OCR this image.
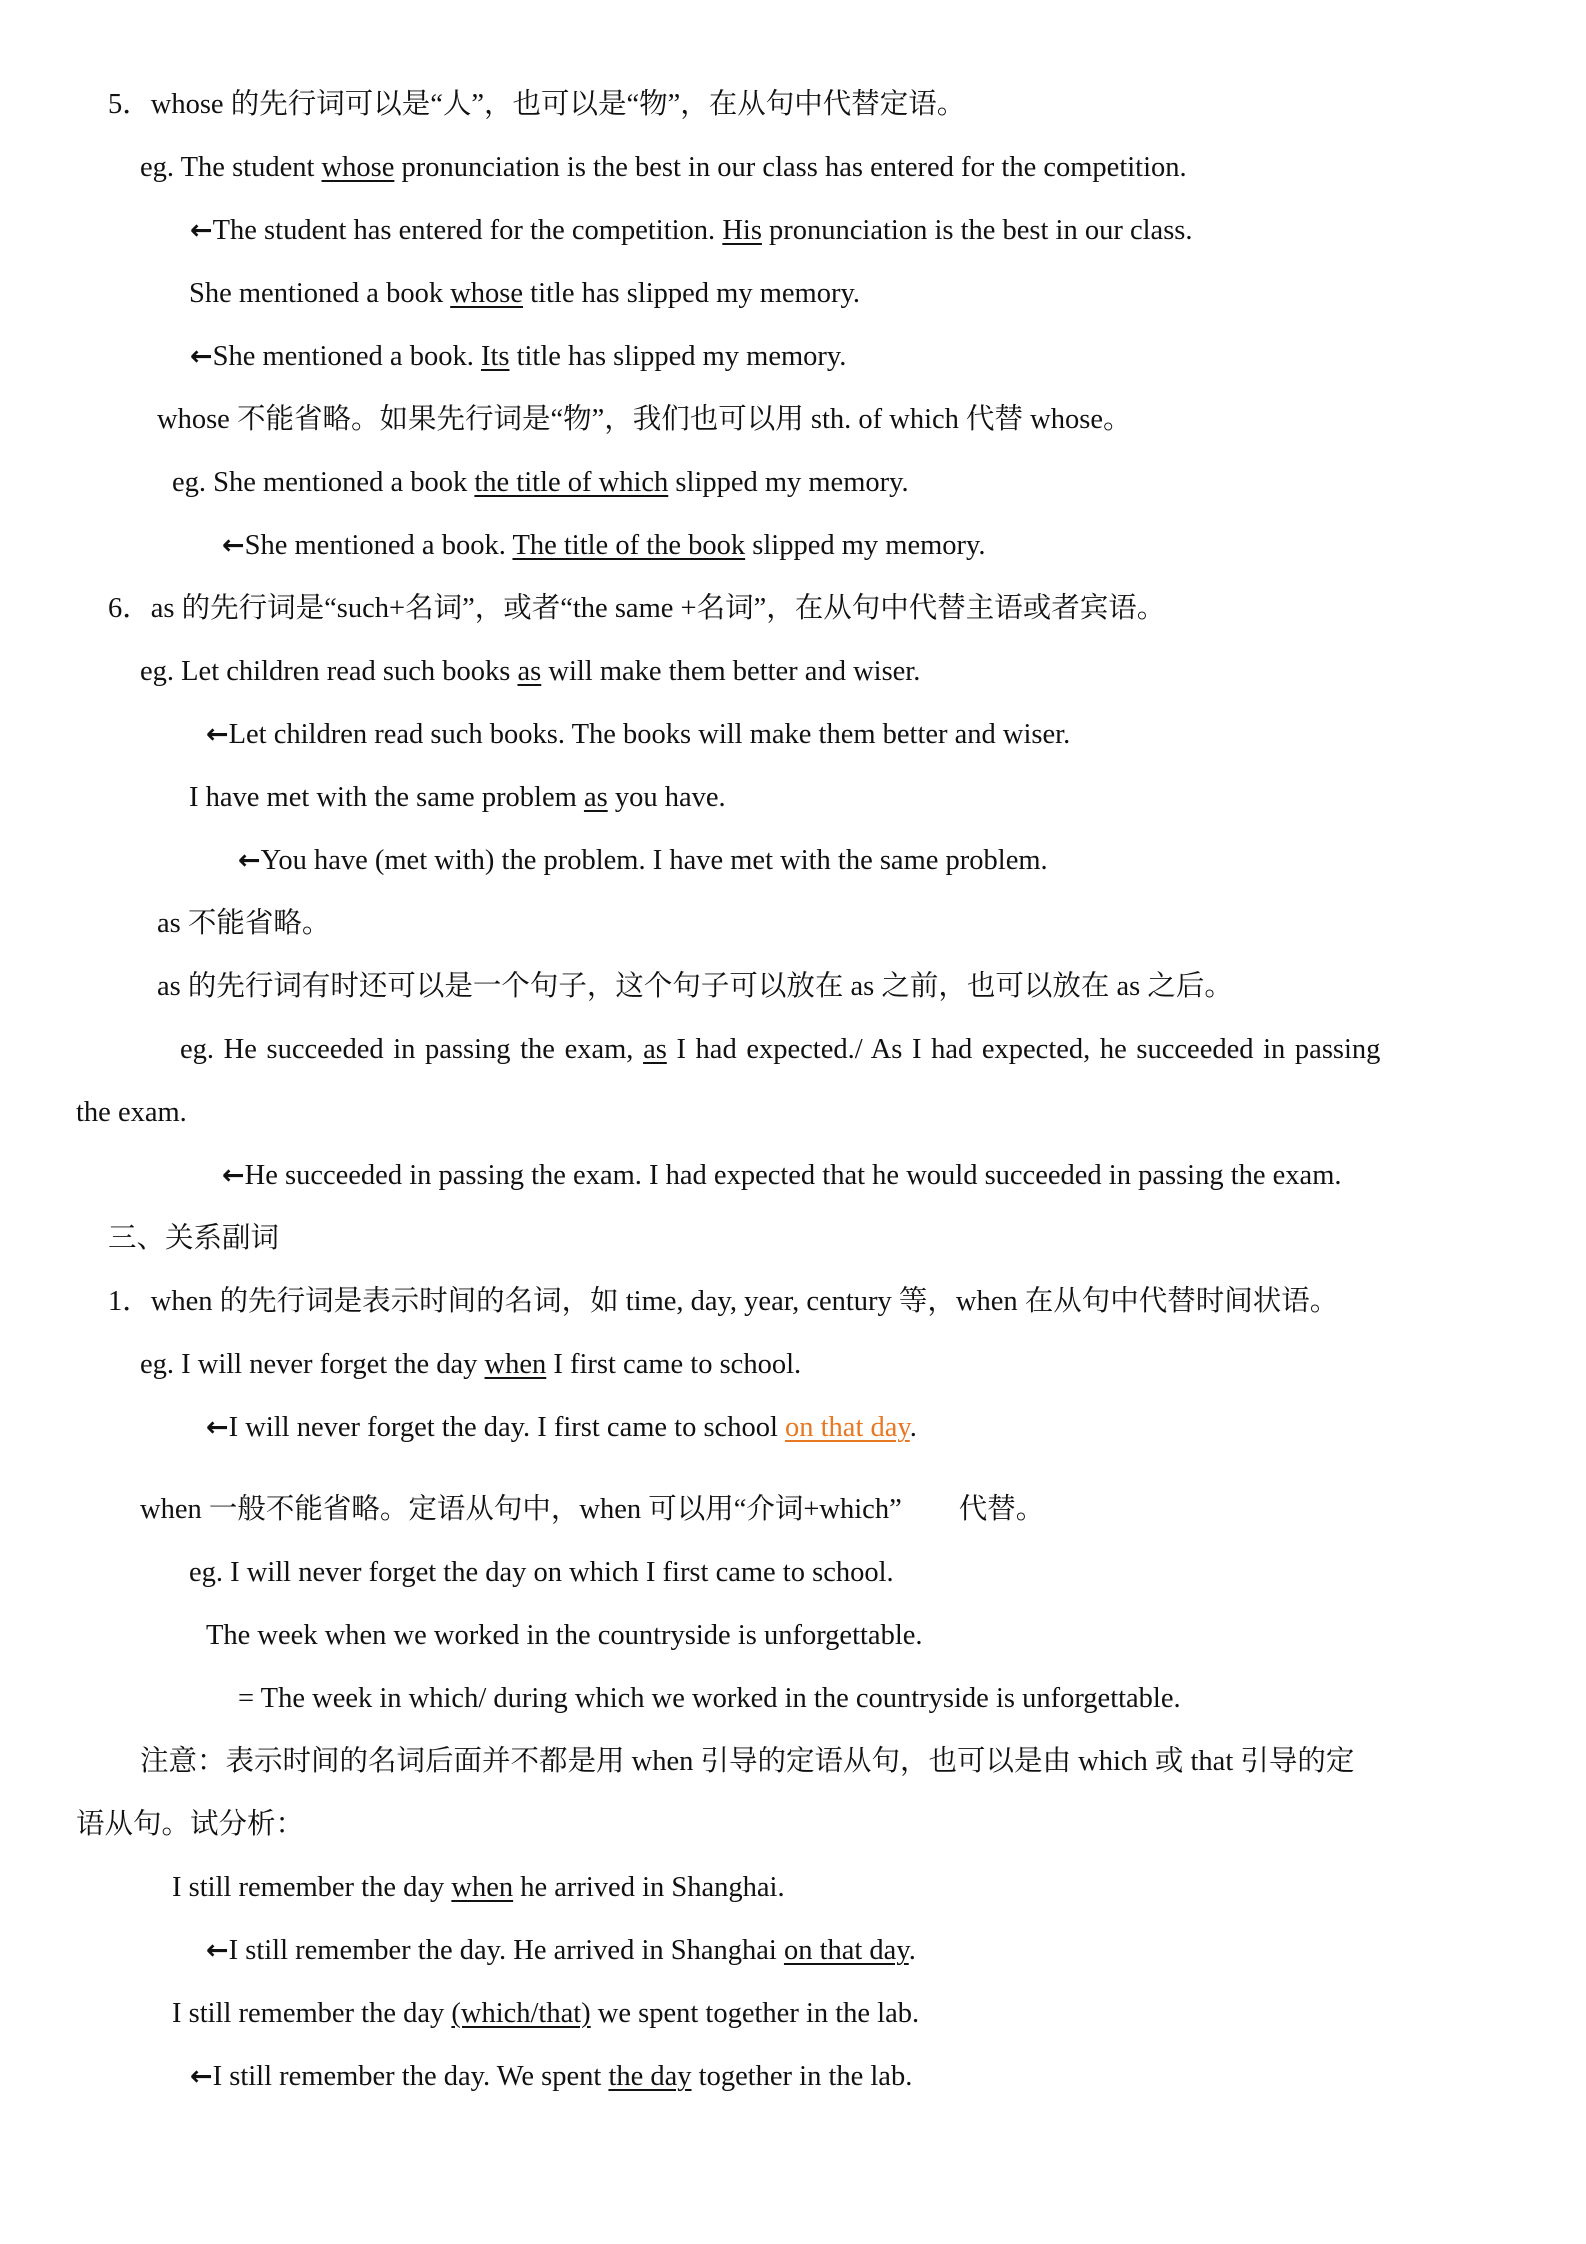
5．whose 的先行词可以是“人”，也可以是“物”，在从句中代替定语。
eg. The student whose pronunciation is the best in our class has entered for the competition.
←The student has entered for the competition. His pronunciation is the best in our class.
She mentioned a book whose title has slipped my memory.
←She mentioned a book. Its title has slipped my memory.
whose 不能省略。如果先行词是“物”，我们也可以用 sth. of which 代替 whose。
eg. She mentioned a book the title of which slipped my memory.
←She mentioned a book. The title of the book slipped my memory.
6．as 的先行词是“such+名词”，或者“the same +名词”，在从句中代替主语或者宾语。
eg. Let children read such books as will make them better and wiser.
←Let children read such books. The books will make them better and wiser.
I have met with the same problem as you have.
←You have (met with) the problem. I have met with the same problem.
as 不能省略。
as 的先行词有时还可以是一个句子，这个句子可以放在 as 之前，也可以放在 as 之后。
eg. He succeeded in passing the exam, as I had expected./ As I had expected, he succeeded in passing
the exam.
←He succeeded in passing the exam. I had expected that he would succeeded in passing the exam.
三、关系副词
1．when 的先行词是表示时间的名词，如 time, day, year, century 等，when 在从句中代替时间状语。
eg. I will never forget the day when I first came to school.
←I will never forget the day. I first came to school on that day.
when 一般不能省略。定语从句中，when 可以用“介词+which”　　代替。
eg. I will never forget the day on which I first came to school.
The week when we worked in the countryside is unforgettable.
= The week in which/ during which we worked in the countryside is unforgettable.
注意：表示时间的名词后面并不都是用 when 引导的定语从句，也可以是由 which 或 that 引导的定
语从句。试分析：
I still remember the day when he arrived in Shanghai.
←I still remember the day. He arrived in Shanghai on that day.
I still remember the day (which/that) we spent together in the lab.
←I still remember the day. We spent the day together in the lab.
